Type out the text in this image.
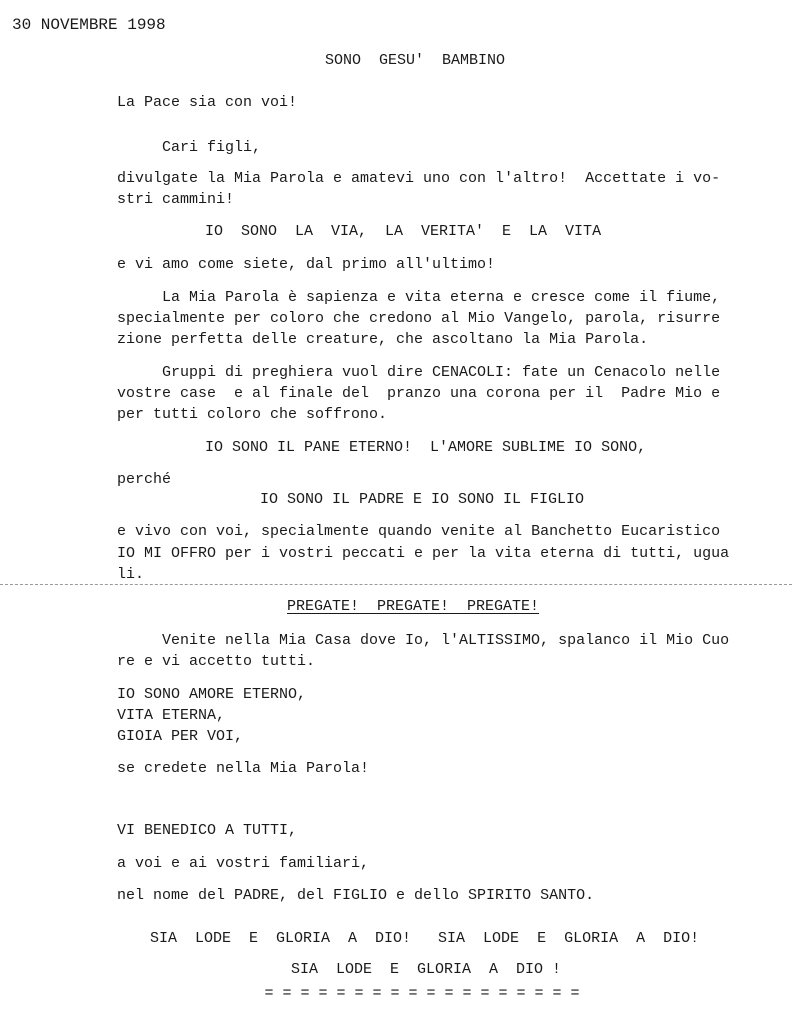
30 NOVEMBRE 1998
SONO  GESU'  BAMBINO
La Pace sia con voi!
Cari figli,
divulgate la Mia Parola e amatevi uno con l'altro!  Accettate i vo-
stri cammini!
IO  SONO  LA  VIA,  LA  VERITA'  E  LA  VITA
e vi amo come siete, dal primo all'ultimo!
La Mia Parola è sapienza e vita eterna e cresce come il fiume,
specialmente per coloro che credono al Mio Vangelo, parola, risurre
zione perfetta delle creature, che ascoltano la Mia Parola.
Gruppi di preghiera vuol dire CENACOLI: fate un Cenacolo nelle
vostre case  e al finale del  pranzo una corona per il  Padre Mio e
per tutti coloro che soffrono.
IO SONO IL PANE ETERNO!  L'AMORE SUBLIME IO SONO,
perché
IO SONO IL PADRE E IO SONO IL FIGLIO
e vivo con voi, specialmente quando venite al Banchetto Eucaristico
IO MI OFFRO per i vostri peccati e per la vita eterna di tutti, ugua
li.
PREGATE!  PREGATE!  PREGATE!
Venite nella Mia Casa dove Io, l'ALTISSIMO, spalanco il Mio Cuo
re e vi accetto tutti.
IO SONO AMORE ETERNO,
VITA ETERNA,
GIOIA PER VOI,
se credete nella Mia Parola!
VI BENEDICO A TUTTI,
a voi e ai vostri familiari,
nel nome del PADRE, del FIGLIO e dello SPIRITO SANTO.
SIA  LODE  E  GLORIA  A  DIO!   SIA  LODE  E  GLORIA  A  DIO!
SIA  LODE  E  GLORIA  A  DIO !
= = = = = = = = = = = = = = = = = =
